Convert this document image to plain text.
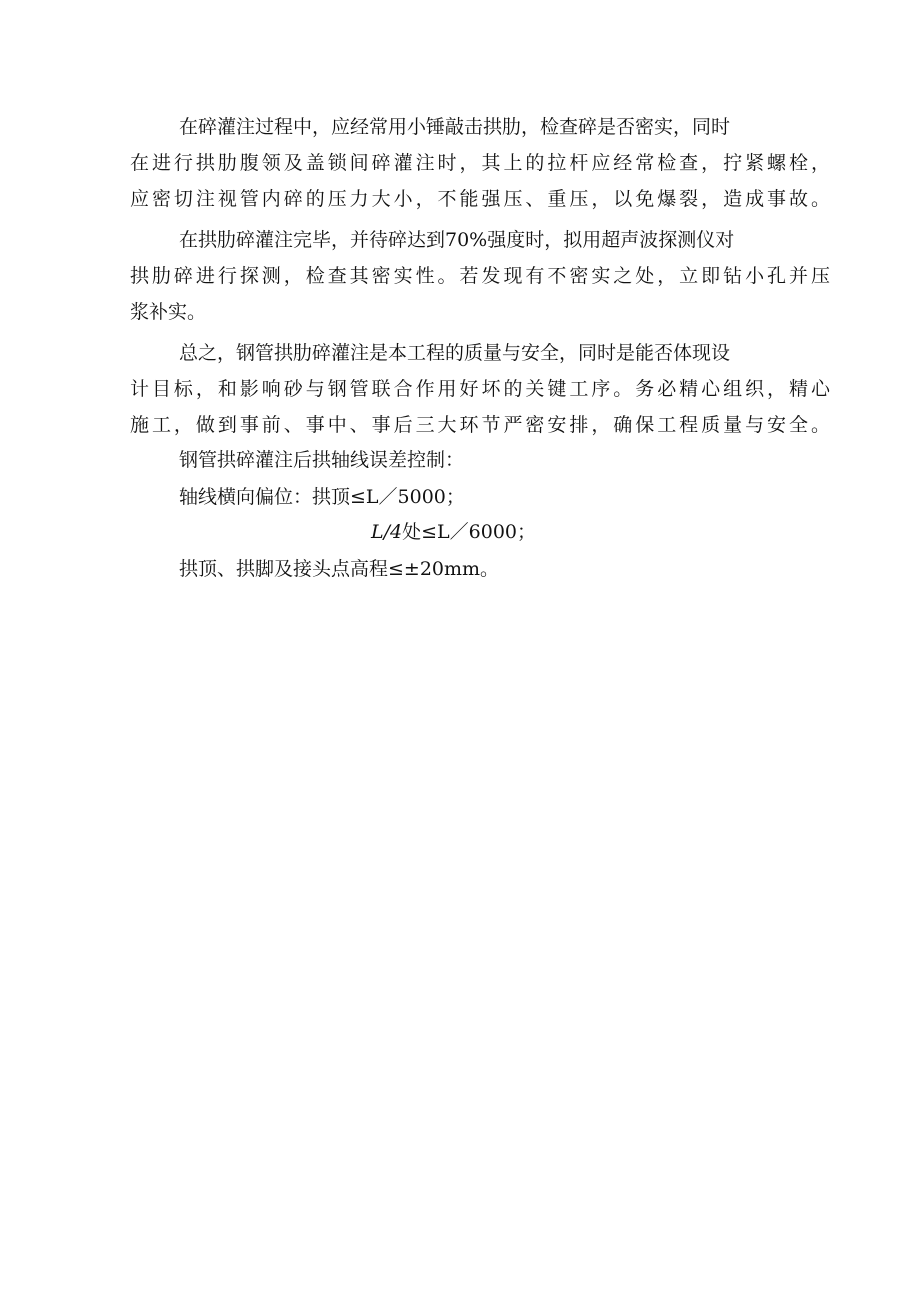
在碎灌注过程中，应经常用小锤敲击拱肋，检查碎是否密实，同时
在进行拱肋腹领及盖锁间碎灌注时，其上的拉杆应经常检查，拧紧螺栓，
应密切注视管内碎的压力大小，不能强压、重压，以免爆裂，造成事故。
在拱肋碎灌注完毕，并待碎达到70%强度时，拟用超声波探测仪对
拱肋碎进行探测，检查其密实性。若发现有不密实之处，立即钻小孔并压
浆补实。
总之，钢管拱肋碎灌注是本工程的质量与安全，同时是能否体现设
计目标，和影响砂与钢管联合作用好坏的关键工序。务必精心组织，精心
施工，做到事前、事中、事后三大环节严密安排，确保工程质量与安全。
钢管拱碎灌注后拱轴线误差控制：
轴线横向偏位：拱顶≤L／5000；
L/4处≤L／6000；
拱顶、拱脚及接头点高程≤±20mm。
